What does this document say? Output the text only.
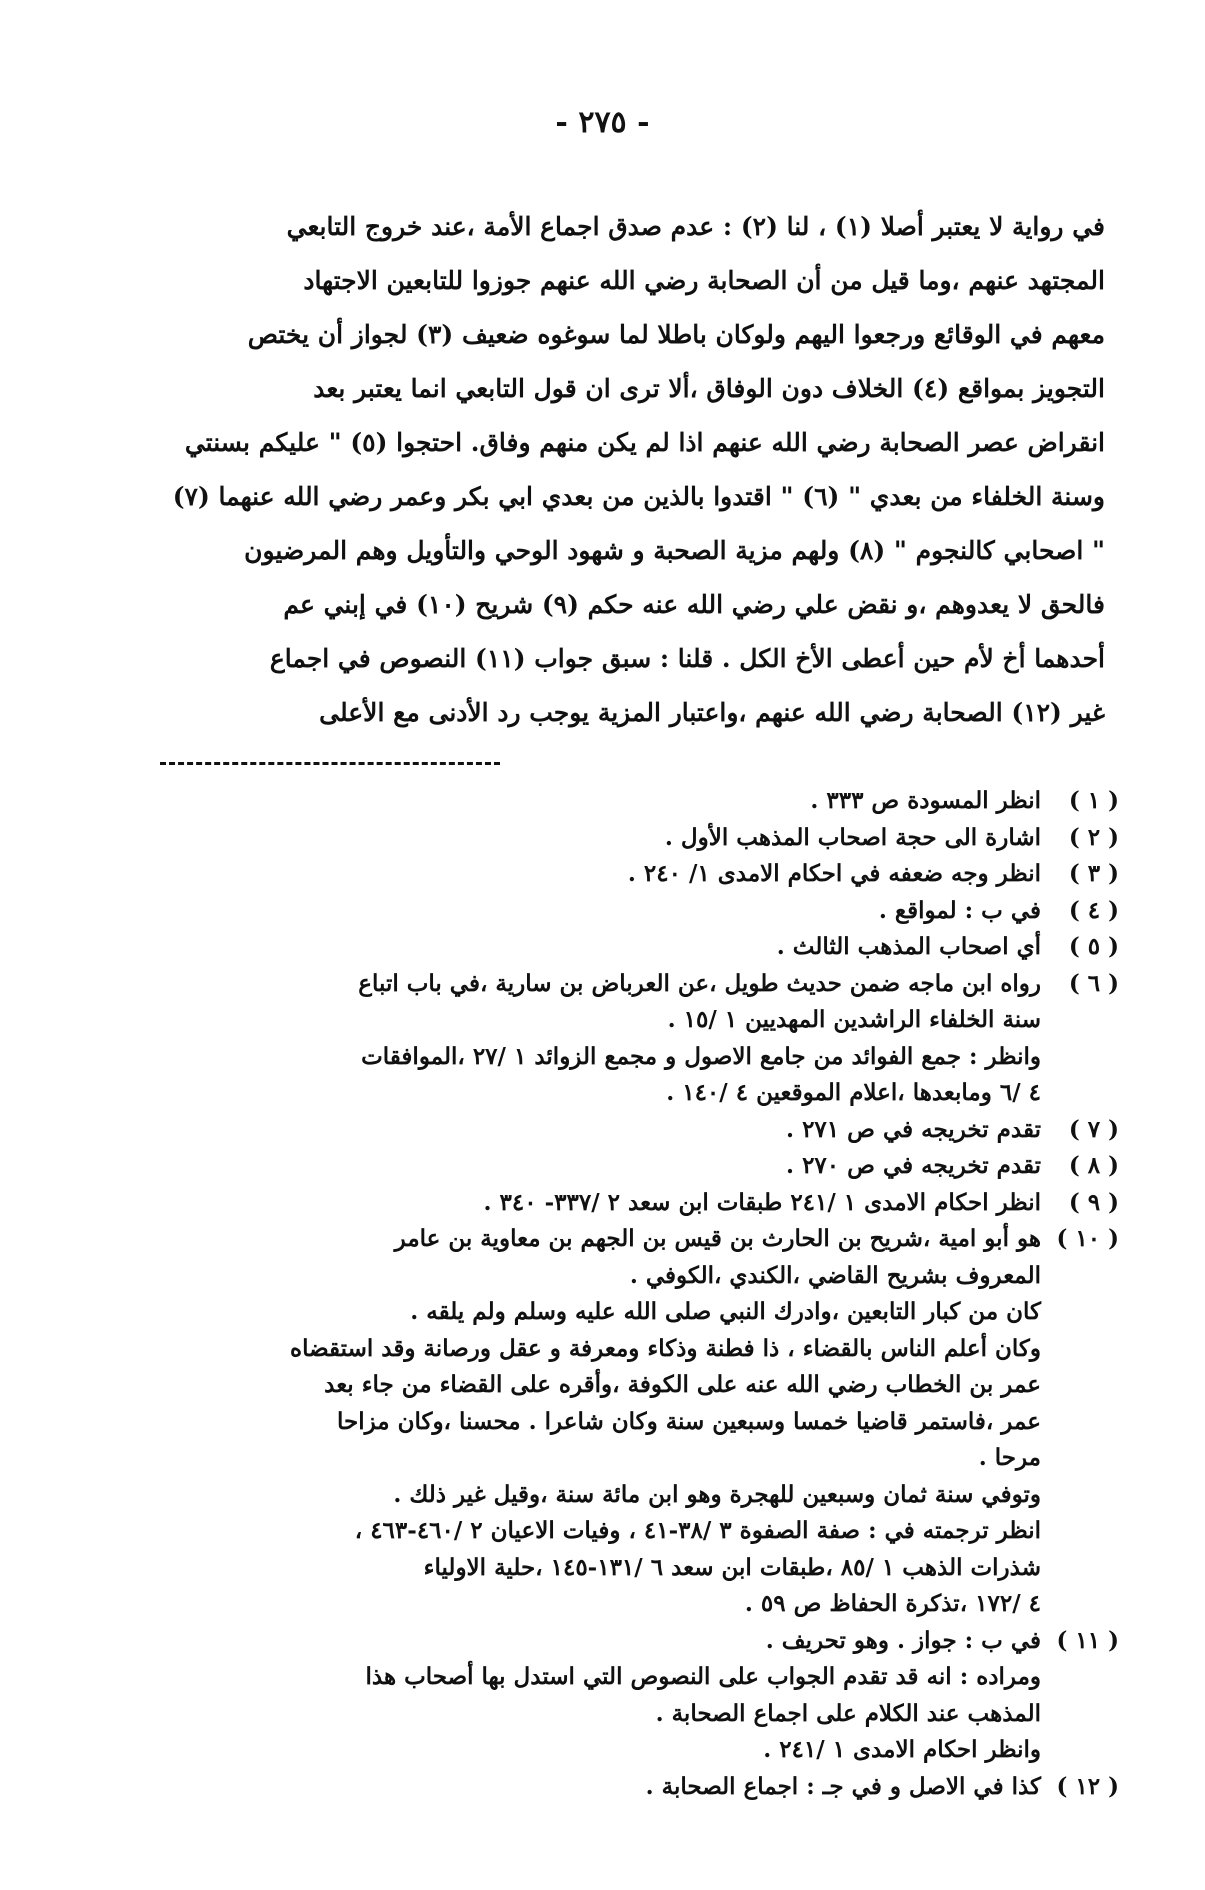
- ٢٧٥ -
في رواية لا يعتبر أصلا (١) ، لنا (٢) : عدم صدق اجماع الأمة ،عند خروج التابعي
المجتهد عنهم ،وما قيل من أن الصحابة رضي الله عنهم جوزوا للتابعين الاجتهاد
معهم في الوقائع ورجعوا اليهم ولوكان باطلا لما سوغوه ضعيف (٣) لجواز أن يختص
التجويز بمواقع (٤) الخلاف دون الوفاق ،ألا ترى ان قول التابعي انما يعتبر بعد
انقراض عصر الصحابة رضي الله عنهم اذا لم يكن منهم وفاق. احتجوا (٥) " عليكم بسنتي
وسنة الخلفاء من بعدي " (٦) " اقتدوا بالذين من بعدي ابي بكر وعمر رضي الله عنهما (٧)
" اصحابي كالنجوم " (٨) ولهم مزية الصحبة و شهود الوحي والتأويل وهم المرضيون
فالحق لا يعدوهم ،و نقض علي رضي الله عنه حكم (٩) شريح (١٠) في إبني عم
أحدهما أخ لأم حين أعطى الأخ الكل . قلنا : سبق جواب (١١) النصوص في اجماع
غير (١٢) الصحابة رضي الله عنهم ،واعتبار المزية يوجب رد الأدنى مع الأعلى
( ١ )
انظر المسودة ص ٣٣٣ .
( ٢ )
اشارة الى حجة اصحاب المذهب الأول .
( ٣ )
انظر وجه ضعفه في احكام الامدى ١/ ٢٤٠ .
( ٤ )
في ب : لمواقع .
( ٥ )
أي اصحاب المذهب الثالث .
( ٦ )
رواه ابن ماجه ضمن حديث طويل ،عن العرباض بن سارية ،في باب اتباع
سنة الخلفاء الراشدين المهديين ١ /١٥ .
وانظر : جمع الفوائد من جامع الاصول و مجمع الزوائد ١ /٢٧ ،الموافقات
٤ /٦ ومابعدها ،اعلام الموقعين ٤ /١٤٠ .
( ٧ )
تقدم تخريجه في ص ٢٧١ .
( ٨ )
تقدم تخريجه في ص ٢٧٠ .
( ٩ )
انظر احكام الامدى ١ /٢٤١ طبقات ابن سعد ٢ /٣٣٧- ٣٤٠ .
( ١٠ )
هو أبو امية ،شريح بن الحارث بن قيس بن الجهم بن معاوية بن عامر
المعروف بشريح القاضي ،الكندي ،الكوفي .
كان من كبار التابعين ،وادرك النبي صلى الله عليه وسلم ولم يلقه .
وكان أعلم الناس بالقضاء ، ذا فطنة وذكاء ومعرفة و عقل ورصانة وقد استقضاه
عمر بن الخطاب رضي الله عنه على الكوفة ،وأقره على القضاء من جاء بعد
عمر ،فاستمر قاضيا خمسا وسبعين سنة وكان شاعرا . محسنا ،وكان مزاحا
مرحا .
وتوفي سنة ثمان وسبعين للهجرة وهو ابن مائة سنة ،وقيل غير ذلك .
انظر ترجمته في : صفة الصفوة ٣ /٣٨-٤١ ، وفيات الاعيان ٢ /٤٦٠-٤٦٣ ،
شذرات الذهب ١ /٨٥ ،طبقات ابن سعد ٦ /١٣١-١٤٥ ،حلية الاولياء
٤ /١٧٢ ،تذكرة الحفاظ ص ٥٩ .
( ١١ )
في ب : جواز . وهو تحريف .
ومراده : انه قد تقدم الجواب على النصوص التي استدل بها أصحاب هذا
المذهب عند الكلام على اجماع الصحابة .
وانظر احكام الامدى ١ /٢٤١ .
( ١٢ )
كذا في الاصل و في جـ : اجماع الصحابة .
